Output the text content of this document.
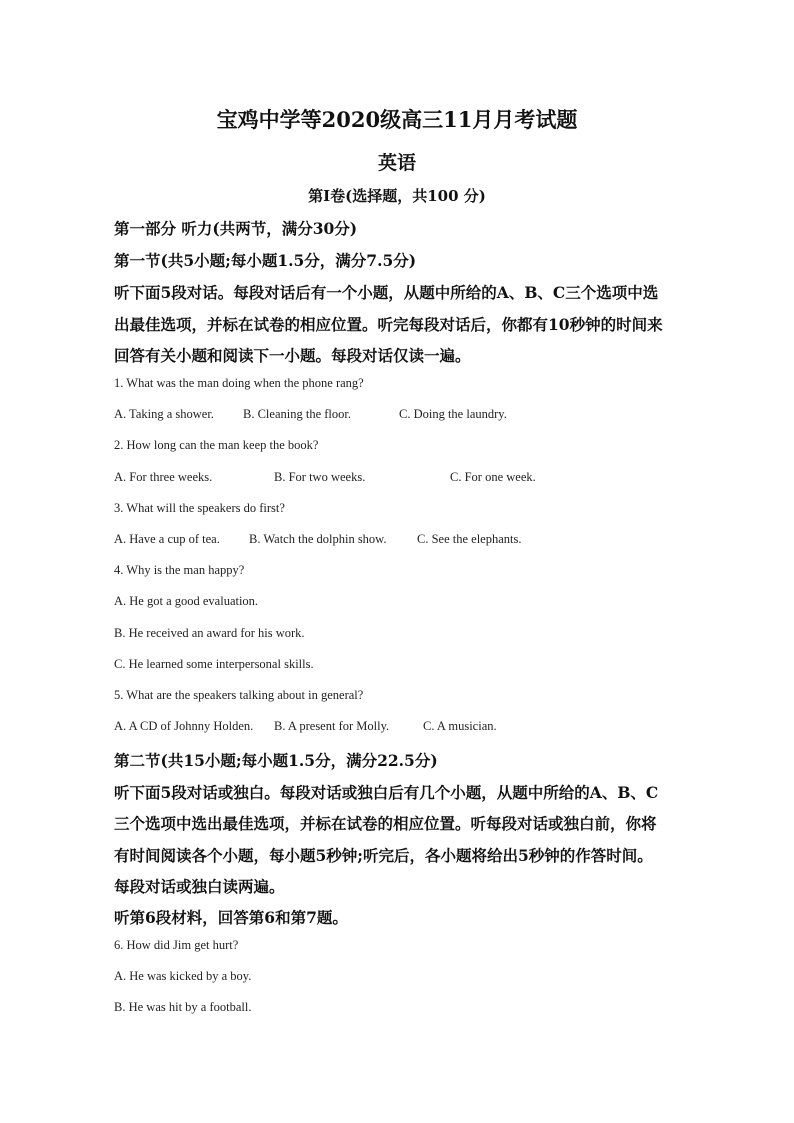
宝鸡中学等2020级高三11月月考试题
英语
第I卷(选择题，共100 分)
第一部分 听力(共两节，满分30分)
第一节(共5小题;每小题1.5分，满分7.5分)
听下面5段对话。每段对话后有一个小题，从题中所给的A、B、C三个选项中选
出最佳选项，并标在试卷的相应位置。听完每段对话后，你都有10秒钟的时间来
回答有关小题和阅读下一小题。每段对话仅读一遍。
1. What was the man doing when the phone rang?
A. Taking a shower. B. Cleaning the floor.	C. Doing the laundry.
2. How long can the man keep the book?
A. For three weeks.	B. For two weeks.	C. For one week.
3. What will the speakers do first?
A. Have a cup of tea. B. Watch the dolphin show. C. See the elephants.
4. Why is the man happy?
A. He got a good evaluation.
B. He received an award for his work.
C. He learned some interpersonal skills.
5. What are the speakers talking about in general?
A. A CD of Johnny Holden. B. A present for Molly.	C. A musician.
第二节(共15小题;每小题1.5分，满分22.5分)
听下面5段对话或独白。每段对话或独白后有几个小题，从题中所给的A、B、C
三个选项中选出最佳选项，并标在试卷的相应位置。听每段对话或独白前，你将
有时间阅读各个小题，每小题5秒钟;听完后，各小题将给出5秒钟的作答时间。
每段对话或独白读两遍。
听第6段材料，回答第6和第7题。
6. How did Jim get hurt?
A. He was kicked by a boy.
B. He was hit by a football.
